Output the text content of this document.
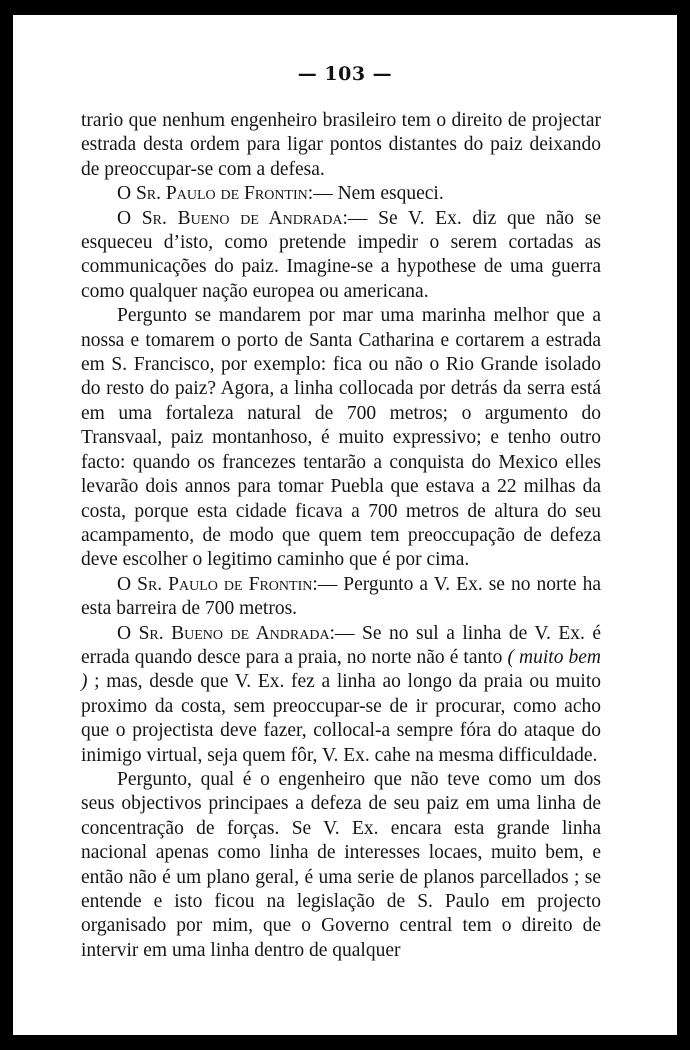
— 103 —

trario que nenhum engenheiro brasileiro tem o direito de projectar estrada desta ordem para ligar pontos distantes do paiz deixando de preoccupar-se com a defesa.

O Sr. Paulo de Frontin:— Nem esqueci.

O Sr. Bueno de Andrada:— Se V. Ex. diz que não se esqueceu d’isto, como pretende impedir o serem cortadas as communicações do paiz. Imagine-se a hypothese de uma guerra como qualquer nação europea ou americana.

Pergunto se mandarem por mar uma marinha melhor que a nossa e tomarem o porto de Santa Catharina e cortarem a estrada em S. Francisco, por exemplo: fica ou não o Rio Grande isolado do resto do paiz? Agora, a linha collocada por detrás da serra está em uma fortaleza natural de 700 metros; o argumento do Transvaal, paiz montanhoso, é muito expressivo; e tenho outro facto: quando os francezes tentarão a conquista do Mexico elles levarão dois annos para tomar Puebla que estava a 22 milhas da costa, porque esta cidade ficava a 700 metros de altura do seu acampamento, de modo que quem tem preoccupação de defeza deve escolher o legitimo caminho que é por cima.

O Sr. Paulo de Frontin:— Pergunto a V. Ex. se no norte ha esta barreira de 700 metros.

O Sr. Bueno de Andrada:— Se no sul a linha de V. Ex. é errada quando desce para a praia, no norte não é tanto ( muito bem ) ; mas, desde que V. Ex. fez a linha ao longo da praia ou muito proximo da costa, sem preoccupar-se de ir procurar, como acho que o projectista deve fazer, collocal-a sempre fóra do ataque do inimigo virtual, seja quem fôr, V. Ex. cahe na mesma difficuldade.

Pergunto, qual é o engenheiro que não teve como um dos seus objectivos principaes a defeza de seu paiz em uma linha de concentração de forças. Se V. Ex. encara esta grande linha nacional apenas como linha de interesses locaes, muito bem, e então não é um plano geral, é uma serie de planos parcellados ; se entende e isto ficou na legislação de S. Paulo em projecto organisado por mim, que o Governo central tem o direito de intervir em uma linha dentro de qualquer
